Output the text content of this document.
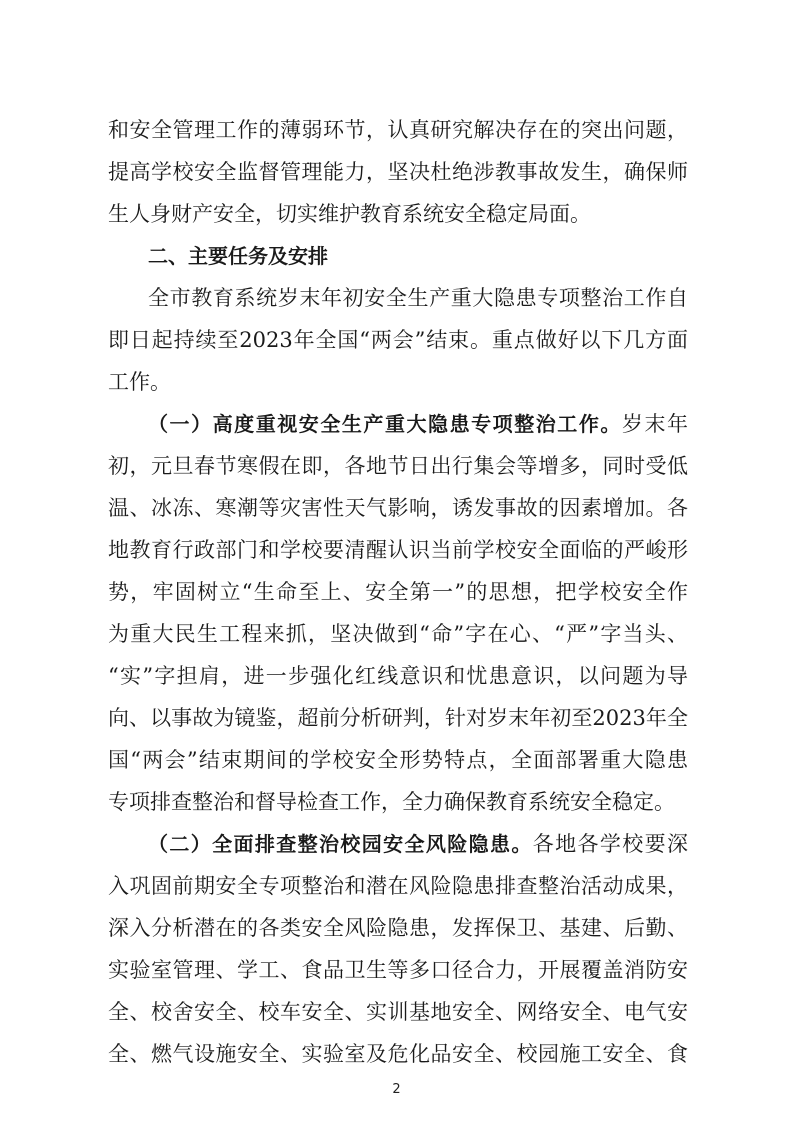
和安全管理工作的薄弱环节，认真研究解决存在的突出问题，
提高学校安全监督管理能力，坚决杜绝涉教事故发生，确保师
生人身财产安全，切实维护教育系统安全稳定局面。
二、主要任务及安排
全市教育系统岁末年初安全生产重大隐患专项整治工作自
即日起持续至2023年全国“两会”结束。重点做好以下几方面
工作。
（一）高度重视安全生产重大隐患专项整治工作。岁末年
初，元旦春节寒假在即，各地节日出行集会等增多，同时受低
温、冰冻、寒潮等灾害性天气影响，诱发事故的因素增加。各
地教育行政部门和学校要清醒认识当前学校安全面临的严峻形
势，牢固树立“生命至上、安全第一”的思想，把学校安全作
为重大民生工程来抓，坚决做到“命”字在心、“严”字当头、
“实”字担肩，进一步强化红线意识和忧患意识，以问题为导
向、以事故为镜鉴，超前分析研判，针对岁末年初至2023年全
国“两会”结束期间的学校安全形势特点，全面部署重大隐患
专项排查整治和督导检查工作，全力确保教育系统安全稳定。
（二）全面排查整治校园安全风险隐患。各地各学校要深
入巩固前期安全专项整治和潜在风险隐患排查整治活动成果，
深入分析潜在的各类安全风险隐患，发挥保卫、基建、后勤、
实验室管理、学工、食品卫生等多口径合力，开展覆盖消防安
全、校舍安全、校车安全、实训基地安全、网络安全、电气安
全、燃气设施安全、实验室及危化品安全、校园施工安全、食
2
